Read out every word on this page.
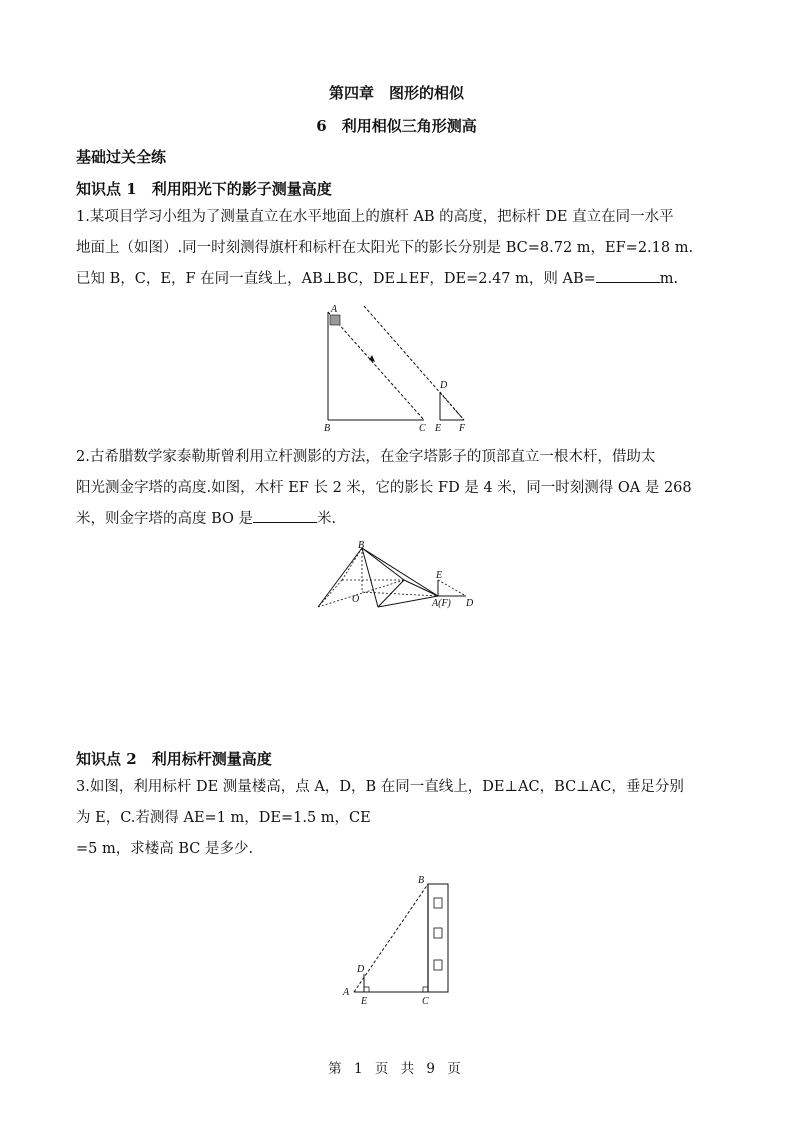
第四章　图形的相似
6　利用相似三角形测高
基础过关全练
知识点 1　 利用阳光下的影子测量高度
1.某项目学习小组为了测量直立在水平地面上的旗杆 AB 的高度，把标杆 DE 直立在同一水平
地面上（如图）.同一时刻测得旗杆和标杆在太阳光下的影长分别是 BC=8.72 m，EF=2.18 m.
已知 B，C，E，F 在同一直线上，AB⊥BC，DE⊥EF，DE=2.47 m，则 AB=	m.
A
B	C
D
E F
2.古希腊数学家泰勒斯曾利用立杆测影的方法，在金字塔影子的顶部直立一根木杆，借助太
阳光测金字塔的高度.如图，木杆 EF 长 2 米，它的影长 FD 是 4 米，同一时刻测得 OA 是 268
米，则金字塔的高度 BO 是	米.
B
E
O	A(F) D
知识点 2　 利用标杆测量高度
3.如图，利用标杆 DE 测量楼高，点 A，D，B 在同一直线上，DE⊥AC，BC⊥AC，垂足分别
为 E，C.若测得 AE=1 m，DE=1.5 m，CE
=5 m，求楼高 BC 是多少.
B
D
A
E	C
第 1 页 共 9 页
